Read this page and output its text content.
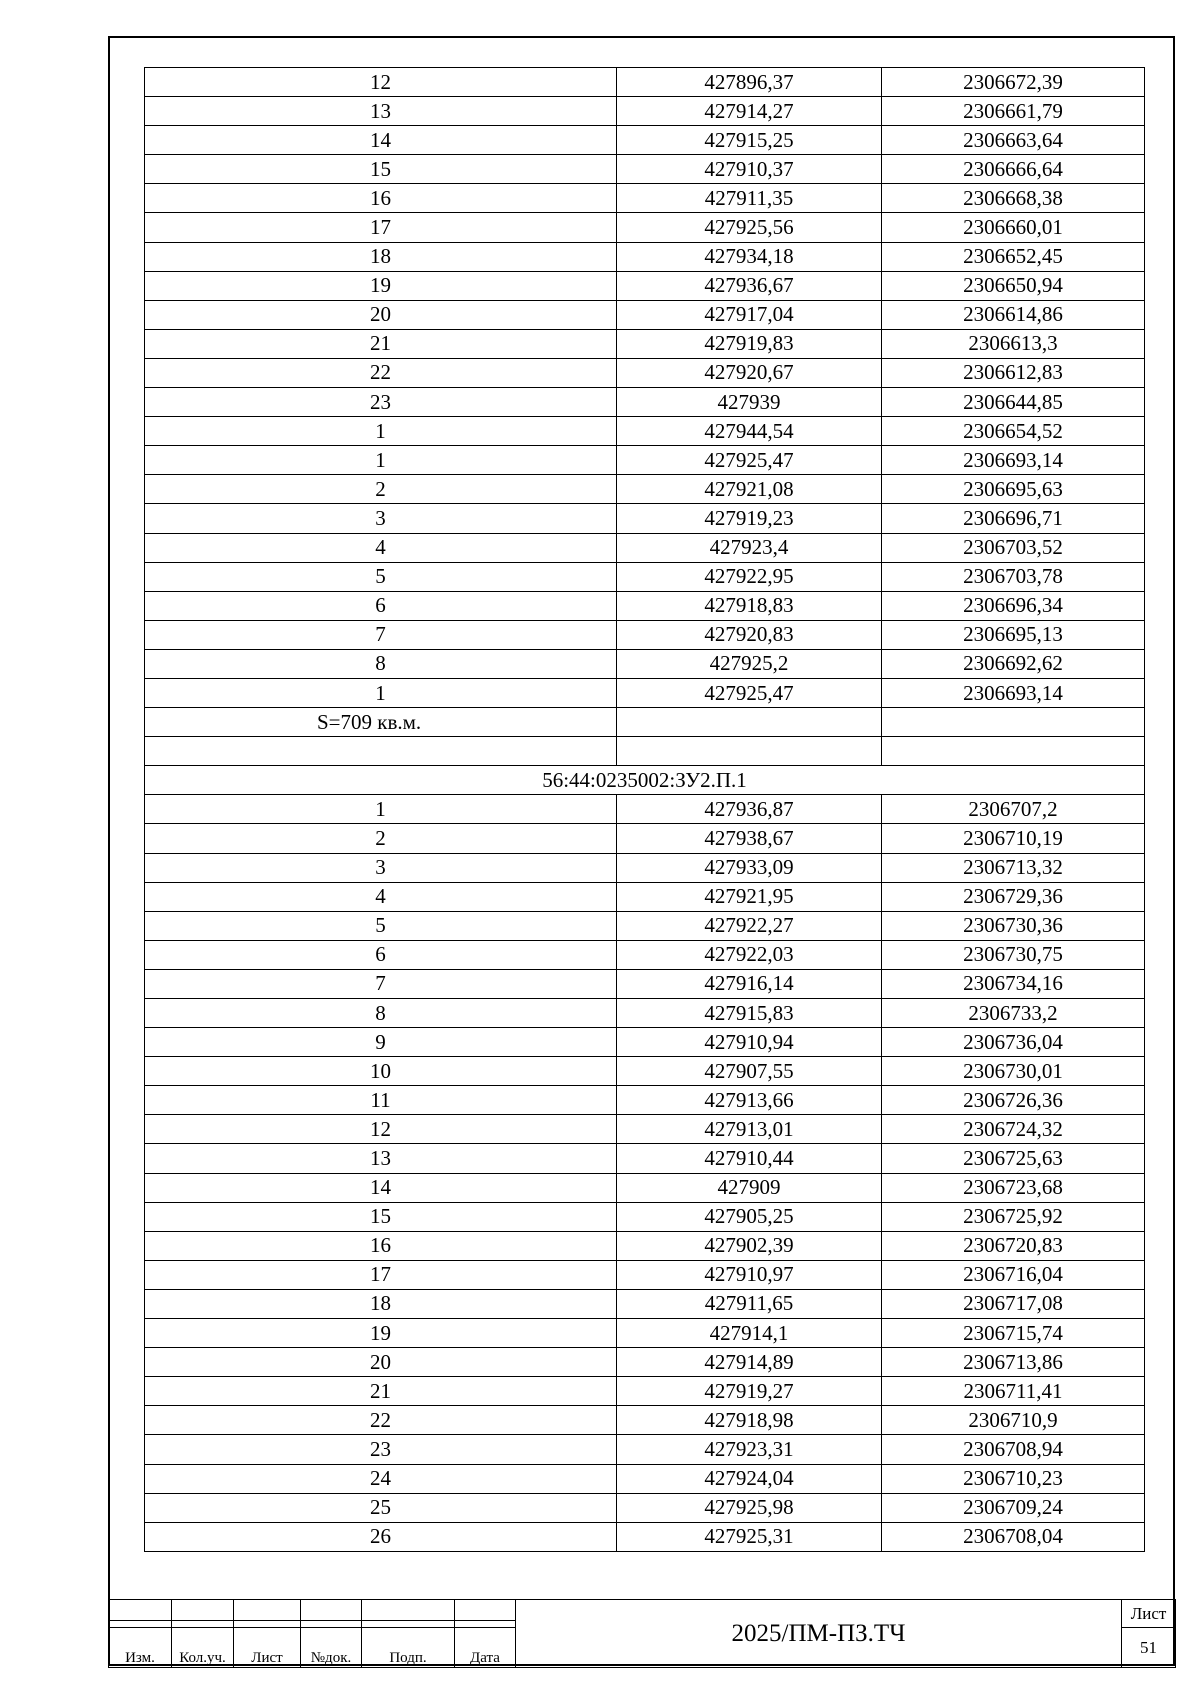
12	427896,37	2306672,39
13	427914,27	2306661,79
14	427915,25	2306663,64
15	427910,37	2306666,64
16	427911,35	2306668,38
17	427925,56	2306660,01
18	427934,18	2306652,45
19	427936,67	2306650,94
20	427917,04	2306614,86
21	427919,83	2306613,3
22	427920,67	2306612,83
23	427939	2306644,85
1	427944,54	2306654,52
1	427925,47	2306693,14
2	427921,08	2306695,63
3	427919,23	2306696,71
4	427923,4	2306703,52
5	427922,95	2306703,78
6	427918,83	2306696,34
7	427920,83	2306695,13
8	427925,2	2306692,62
1	427925,47	2306693,14
S=709 кв.м.		

56:44:0235002:ЗУ2.П.1		
1	427936,87	2306707,2
2	427938,67	2306710,19
3	427933,09	2306713,32
4	427921,95	2306729,36
5	427922,27	2306730,36
6	427922,03	2306730,75
7	427916,14	2306734,16
8	427915,83	2306733,2
9	427910,94	2306736,04
10	427907,55	2306730,01
11	427913,66	2306726,36
12	427913,01	2306724,32
13	427910,44	2306725,63
14	427909	2306723,68
15	427905,25	2306725,92
16	427902,39	2306720,83
17	427910,97	2306716,04
18	427911,65	2306717,08
19	427914,1	2306715,74
20	427914,89	2306713,86
21	427919,27	2306711,41
22	427918,98	2306710,9
23	427923,31	2306708,94
24	427924,04	2306710,23
25	427925,98	2306709,24
26	427925,31	2306708,04
						2025/ПМ-ПЗ.ТЧ	Лист

Изм.	Кол.уч.	Лист	№док.	Подп.	Дата		51
